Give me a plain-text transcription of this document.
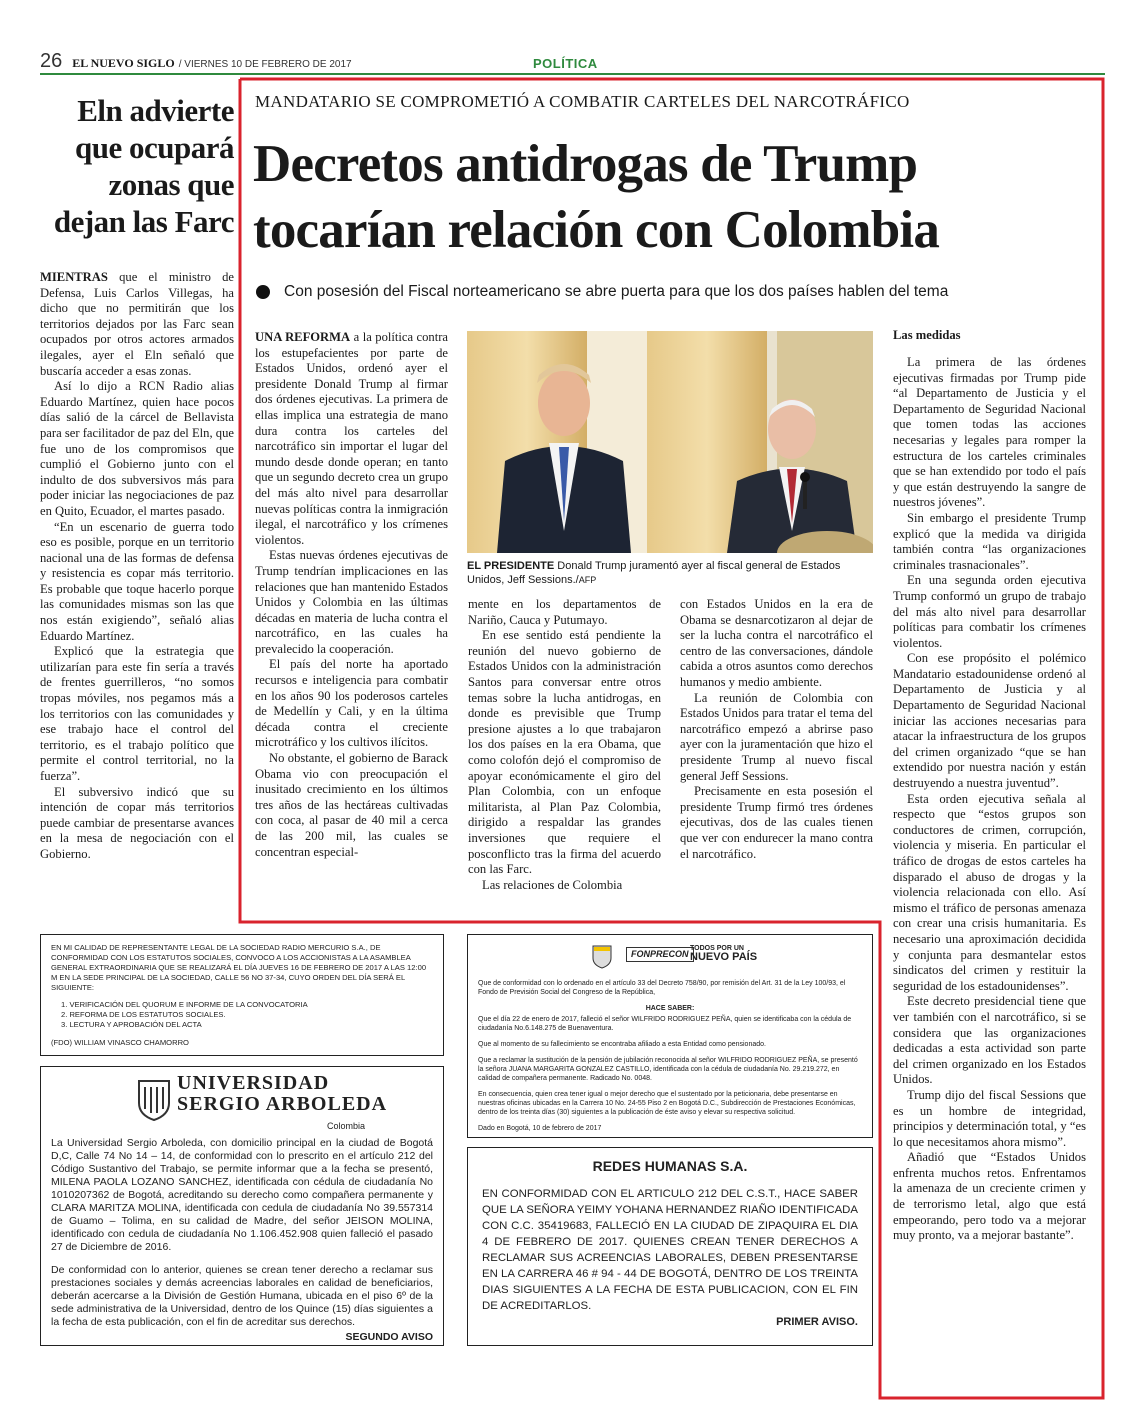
26 EL NUEVO SIGLO / VIERNES 10 DE FEBRERO DE 2017	POLÍTICA
Eln advierte que ocupará zonas que dejan las Farc

MIENTRAS que el ministro de Defensa, Luis Carlos Villegas, ha dicho que no permitirán que los territorios dejados por las Farc sean ocupados por otros actores armados ilegales, ayer el Eln señaló que buscaría acceder a esas zonas.

Así lo dijo a RCN Radio alias Eduardo Martínez, quien hace pocos días salió de la cárcel de Bellavista para ser facilitador de paz del Eln, que fue uno de los compromisos que cumplió el Gobierno junto con el indulto de dos subversivos más para poder iniciar las negociaciones de paz en Quito, Ecuador, el martes pasado.

“En un escenario de guerra todo eso es posible, porque en un territorio nacional una de las formas de defensa y resistencia es copar más territorio. Es probable que toque hacerlo porque las comunidades mismas son las que nos están exigiendo”, señaló alias Eduardo Martínez.

Explicó que la estrategia que utilizarían para este fin sería a través de frentes guerrilleros, “no somos tropas móviles, nos pegamos más a los territorios con las comunidades y ese trabajo hace el control del territorio, es el trabajo político que permite el control territorial, no la fuerza”.

El subversivo indicó que su intención de copar más territorios puede cambiar de presentarse avances en la mesa de negociación con el Gobierno.

MANDATARIO SE COMPROMETIÓ A COMBATIR CARTELES DEL NARCOTRÁFICO
Decretos antidrogas de Trump
tocarían relación con Colombia
Con posesión del Fiscal norteamericano se abre puerta para que los dos países hablen del tema
EL PRESIDENTE Donald Trump juramentó ayer al fiscal general de Estados Unidos, Jeff Sessions./AFP

UNA REFORMA a la política contra los estupefacientes por parte de Estados Unidos, ordenó ayer el presidente Donald Trump al firmar dos órdenes ejecutivas. La primera de ellas implica una estrategia de mano dura contra los carteles del narcotráfico sin importar el lugar del mundo desde donde operan; en tanto que un segundo decreto crea un grupo del más alto nivel para desarrollar nuevas políticas contra la inmigración ilegal, el narcotráfico y los crímenes violentos.

Estas nuevas órdenes ejecutivas de Trump tendrían implicaciones en las relaciones que han mantenido Estados Unidos y Colombia en las últimas décadas en materia de lucha contra el narcotráfico, en las cuales ha prevalecido la cooperación.

El país del norte ha aportado recursos e inteligencia para combatir en los años 90 los poderosos carteles de Medellín y Cali, y en la última década contra el creciente microtráfico y los cultivos ilícitos.

No obstante, el gobierno de Barack Obama vio con preocupación el inusitado crecimiento en los últimos tres años de las hectáreas cultivadas con coca, al pasar de 40 mil a cerca de las 200 mil, las cuales se concentran especial-

mente en los departamentos de Nariño, Cauca y Putumayo.

En ese sentido está pendiente la reunión del nuevo gobierno de Estados Unidos con la administración Santos para conversar entre otros temas sobre la lucha antidrogas, en donde es previsible que Trump presione ajustes a lo que trabajaron los dos países en la era Obama, que como colofón dejó el compromiso de apoyar económicamente el giro del Plan Colombia, con un enfoque militarista, al Plan Paz Colombia, dirigido a respaldar las grandes inversiones que requiere el posconflicto tras la firma del acuerdo con las Farc.

Las relaciones de Colombia

con Estados Unidos en la era de Obama se desnarcotizaron al dejar de ser la lucha contra el narcotráfico el centro de las conversaciones, dándole cabida a otros asuntos como derechos humanos y medio ambiente.

La reunión de Colombia con Estados Unidos para tratar el tema del narcotráfico empezó a abrirse paso ayer con la juramentación que hizo el presidente Trump al nuevo fiscal general Jeff Sessions.

Precisamente en esta posesión el presidente Trump firmó tres órdenes ejecutivas, dos de las cuales tienen que ver con endurecer la mano contra el narcotráfico.

Las medidas

La primera de las órdenes ejecutivas firmadas por Trump pide “al Departamento de Justicia y el Departamento de Seguridad Nacional que tomen todas las acciones necesarias y legales para romper la estructura de los carteles criminales que se han extendido por todo el país y que están destruyendo la sangre de nuestros jóvenes”.

Sin embargo el presidente Trump explicó que la medida va dirigida también contra “las organizaciones criminales trasnacionales”.

En una segunda orden ejecutiva Trump conformó un grupo de trabajo del más alto nivel para desarrollar políticas para combatir los crímenes violentos.

Con ese propósito el polémico Mandatario estadounidense ordenó al Departamento de Justicia y al Departamento de Seguridad Nacional iniciar las acciones necesarias para atacar la infraestructura de los grupos del crimen organizado “que se han extendido por nuestra nación y están destruyendo a nuestra juventud”.

Esta orden ejecutiva señala al respecto que “estos grupos son conductores de crimen, corrupción, violencia y miseria. En particular el tráfico de drogas de estos carteles ha disparado el abuso de drogas y la violencia relacionada con ello. Así mismo el tráfico de personas amenaza con crear una crisis humanitaria. Es necesario una aproximación decidida y conjunta para desmantelar estos sindicatos del crimen y restituir la seguridad de los estadounidenses”.

Este decreto presidencial tiene que ver también con el narcotráfico, si se considera que las organizaciones dedicadas a esta actividad son parte del crimen organizado en los Estados Unidos.

Trump dijo del fiscal Sessions que es un hombre de integridad, principios y determinación total, y “es lo que necesitamos ahora mismo”.

Añadió que “Estados Unidos enfrenta muchos retos. Enfrentamos la amenaza de un creciente crimen y de terrorismo letal, algo que está empeorando, pero todo va a mejorar muy pronto, va a mejorar bastante”.

EN MI CALIDAD DE REPRESENTANTE LEGAL DE LA SOCIEDAD RADIO MERCURIO S.A., DE CONFORMIDAD CON LOS ESTATUTOS SOCIALES, CONVOCO A LOS ACCIONISTAS A LA ASAMBLEA GENERAL EXTRAORDINARIA QUE SE REALIZARÁ EL DÍA JUEVES 16 DE FEBRERO DE 2017 A LAS 12:00 M EN LA SEDE PRINCIPAL DE LA SOCIEDAD, CALLE 56 NO 37-34, CUYO ORDEN DEL DÍA SERÁ EL SIGUIENTE:

1. VERIFICACIÓN DEL QUORUM E INFORME DE LA CONVOCATORIA
2. REFORMA DE LOS ESTATUTOS SOCIALES.
3. LECTURA Y APROBACIÓN DEL ACTA
(FDO) WILLIAM VINASCO CHAMORRO
UNIVERSIDAD
SERGIO ARBOLEDA
Colombia

La Universidad Sergio Arboleda, con domicilio principal en la ciudad de Bogotá D,C, Calle 74 No 14 – 14, de conformidad con lo prescrito en el artículo 212 del Código Sustantivo del Trabajo, se permite informar que a la fecha se presentó, MILENA PAOLA LOZANO SANCHEZ, identificada con cédula de ciudadanía No 1010207362 de Bogotá, acreditando su derecho como compañera permanente y CLARA MARITZA MOLINA, identificada con cedula de ciudadanía No 39.557314 de Guamo – Tolima, en su calidad de Madre, del señor JEISON MOLINA, identificado con cedula de ciudadanía No 1.106.452.908 quien falleció el pasado 27 de Diciembre de 2016.

De conformidad con lo anterior, quienes se crean tener derecho a reclamar sus prestaciones sociales y demás acreencias laborales en calidad de beneficiarios, deberán acercarse a la División de Gestión Humana, ubicada en el piso 6º de la sede administrativa de la Universidad, dentro de los Quince (15) días siguientes a la fecha de esta publicación, con el fin de acreditar sus derechos.

SEGUNDO AVISO
FONPRECON
TODOS POR UN
NUEVO PAÍS

Que de conformidad con lo ordenado en el artículo 33 del Decreto 758/90, por remisión del Art. 31 de la Ley 100/93, el Fondo de Previsión Social del Congreso de la República,

HACE SABER:

Que el día 22 de enero de 2017, falleció el señor WILFRIDO RODRIGUEZ PEÑA, quien se identificaba con la cédula de ciudadanía No.6.148.275 de Buenaventura.

Que al momento de su fallecimiento se encontraba afiliado a esta Entidad como pensionado.

Que a reclamar la sustitución de la pensión de jubilación reconocida al señor WILFRIDO RODRIGUEZ PEÑA, se presentó la señora JUANA MARGARITA GONZALEZ CASTILLO, identificada con la cédula de ciudadanía No. 29.219.272, en calidad de compañera permanente. Radicado No. 0048.

En consecuencia, quien crea tener igual o mejor derecho que el sustentado por la peticionaria, debe presentarse en nuestras oficinas ubicadas en la Carrera 10 No. 24-55 Piso 2 en Bogotá D.C., Subdirección de Prestaciones Económicas, dentro de los treinta días (30) siguientes a la publicación de éste aviso y elevar su respectiva solicitud.

Dado en Bogotá, 10 de febrero de 2017

REDES HUMANAS S.A.
EN CONFORMIDAD CON EL ARTICULO 212 DEL C.S.T., HACE SABER QUE LA SEÑORA YEIMY YOHANA HERNANDEZ RIAÑO IDENTIFICADA CON C.C. 35419683, FALLECIÓ EN LA CIUDAD DE ZIPAQUIRA EL DIA 4 DE FEBRERO DE 2017. QUIENES CREAN TENER DERECHOS A RECLAMAR SUS ACREENCIAS LABORALES, DEBEN PRESENTARSE EN LA CARRERA 46 # 94 - 44 DE BOGOTÁ, DENTRO DE LOS TREINTA DIAS SIGUIENTES A LA FECHA DE ESTA PUBLICACION, CON EL FIN DE ACREDITARLOS.
PRIMER AVISO.
